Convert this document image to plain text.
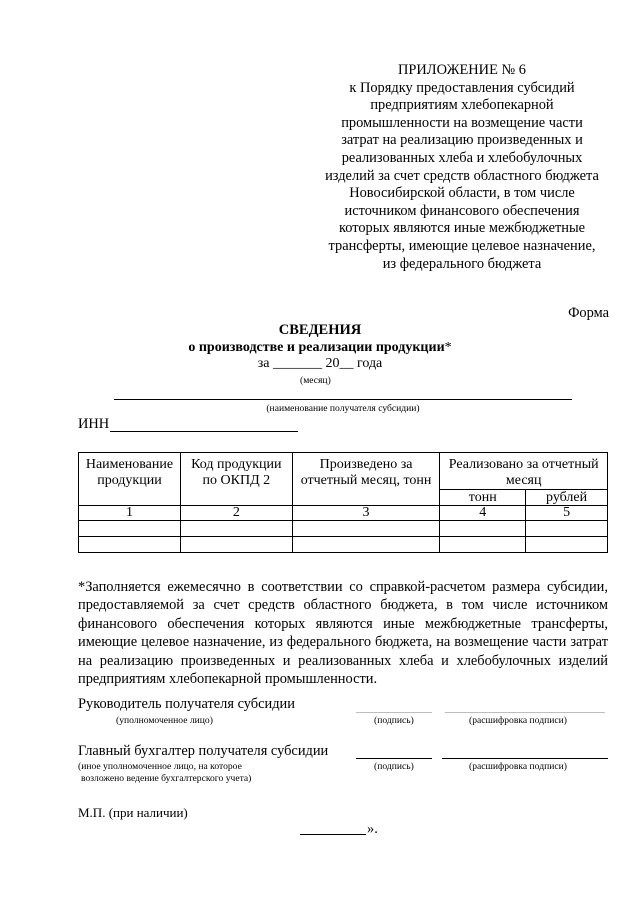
ПРИЛОЖЕНИЕ № 6
к Порядку предоставления субсидий
предприятиям хлебопекарной
промышленности на возмещение части
затрат на реализацию произведенных и
реализованных хлеба и хлебобулочных
изделий за счет средств областного бюджета
Новосибирской области, в том числе
источником финансового обеспечения
которых являются иные межбюджетные
трансферты, имеющие целевое назначение,
из федерального бюджета
Форма
СВЕДЕНИЯ
о производстве и реализации продукции*
за _______ 20__ года
(месяц)
(наименование получателя субсидии)
ИНН
Наименование продукции	Код продукции по ОКПД 2	Произведено за отчетный месяц, тонн	Реализовано за отчетный месяц	
			тонн	рублей
1	2	3	4	5

*Заполняется ежемесячно в соответствии со справкой-расчетом размера субсидии, предоставляемой за счет средств областного бюджета, в том числе источником финансового обеспечения которых являются иные межбюджетные трансферты, имеющие целевое назначение, из федерального бюджета, на возмещение части затрат на реализацию произведенных и реализованных хлеба и хлебобулочных изделий предприятиям хлебопекарной промышленности.
Руководитель получателя субсидии
(уполномоченное лицо)	(подпись)	(расшифровка подписи)
Главный бухгалтер получателя субсидии
(иное уполномоченное лицо, на которое
возложено ведение бухгалтерского учета)
(подпись)	(расшифровка подписи)
М.П. (при наличии)
».
